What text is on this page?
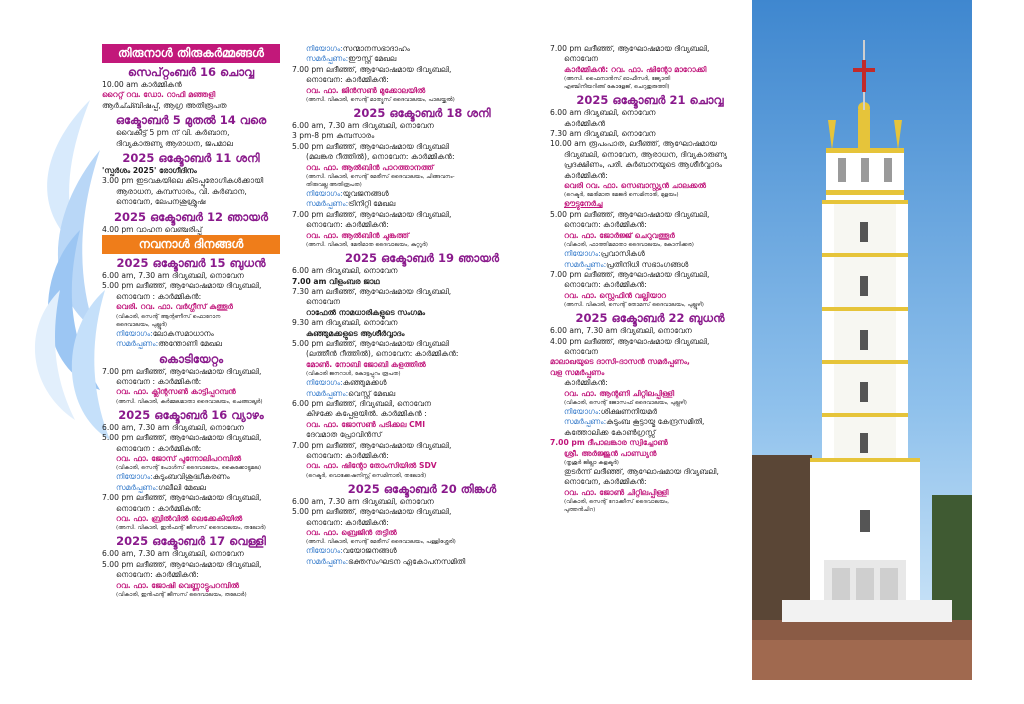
തിരുനാൾ തിരുകർമ്മങ്ങൾ
സെപ്റ്റംബർ 16 ചൊവ്വ
10.00 am കാർമ്മികൻ
റൈറ്റ് റവ. ഡോ. റാഫി മഞ്ഞളി
ആർച്ച്ബിഷപ്പ്, ആഗ്ര അതിരൂപത
ഒക്ടോബർ 5 മുതൽ 14 വരെ
വൈകീട്ട് 5 pm ന് വി. കുർബാന,
ദിവ്യകാരുണ്യ ആരാധന, ജപമാല
2025 ഒക്ടോബർ 11 ശനി
'സ്പർശം 2025' രോഗീദിനം
3.00 pm ഇടവകയിലെ കിടപ്പുരോഗികൾക്കായി
ആരാധന, കുമ്പസാരം, വി. കുർബാന,
നൊവേന, ലേപനശുശ്രൂഷ
2025 ഒക്ടോബർ 12 ഞായർ
4.00 pm വാഹന വെഞ്ചരിപ്പ്
നവനാൾ ദിനങ്ങൾ
2025 ഒക്ടോബർ 15 ബുധൻ
6.00 am, 7.30 am ദിവ്യബലി, നൊവേന
5.00 pm ലദീഞ്ഞ്, ആഘോഷമായ ദിവ്യബലി,
നൊവേന : കാർമ്മികൻ:
വെരി. റവ. ഫാ. വർഗ്ഗീസ് കുത്തൂർ
(വികാരി, സെന്റ് ആന്റണീസ് ഫൊറോന
ദൈവാലയം, പുല്ലൂർ)
നിയോഗം : ലോകസമാധാനം
സമർപ്പണം : അന്തോണി മേഖല
കൊടിയേറ്റം
7.00 pm ലദീഞ്ഞ്, ആഘോഷമായ ദിവ്യബലി,
നൊവേന : കാർമ്മികൻ:
റവ. ഫാ. ക്ലിന്റസൺ കാട്ടിപ്പറമ്പൻ
(അസി. വികാരി, കർമ്മലമാതാ ദൈവാലയം, ചെങ്ങാലൂർ)
2025 ഒക്ടോബർ 16 വ്യാഴം
6.00 am, 7.30 am ദിവ്യബലി, നൊവേന
5.00 pm ലദീഞ്ഞ്, ആഘോഷമായ ദിവ്യബലി,
നൊവേന : കാർമ്മികൻ:
റവ. ഫാ. ജോസ് പുന്നോലിപറമ്പിൽ
(വികാരി, സെന്റ് പോൾസ് ദൈവാലയം, കൈക്കോട്ടുമല)
നിയോഗം : കുടുംബവിശുദ്ധീകരണം
സമർപ്പണം : ഗലീലി മേഖല
7.00 pm ലദീഞ്ഞ്, ആഘോഷമായ ദിവ്യബലി,
നൊവേന : കാർമ്മികൻ:
റവ. ഫാ. ബ്രിൽവിൽ ലെക്കേകിയിൽ
(അസി. വികാരി, ഇൻഫന്റ് ജീസസ് ദൈവാലയം, തലോർ)
2025 ഒക്ടോബർ 17 വെള്ളി
6.00 am, 7.30 am ദിവ്യബലി, നൊവേന
5.00 pm ലദീഞ്ഞ്, ആഘോഷമായ ദിവ്യബലി,
നൊവേന: കാർമ്മികൻ:
റവ. ഫാ. ജോഷി വെണ്ണാട്ടുപറമ്പിൽ
(വികാരി, ഇൻഫന്റ് ജീസസ് ദൈവാലയം, തലോർ)
നിയോഗം : സന്മാനസഭാദാഹം
സമർപ്പണം : ഈസ്റ്റ് മേഖല
7.00 pm ലദീഞ്ഞ്, ആഘോഷമായ ദിവ്യബലി,
നൊവേന: കാർമ്മികൻ:
റവ. ഫാ. ജിൻസൺ മുക്കോലയിൽ
(അസി. വികാരി, സെന്റ് മാത്യൂസ് ദൈവാലയം, പാലയ്ക്കൽ)
2025 ഒക്ടോബർ 18 ശനി
6.00 am, 7.30 am ദിവ്യബലി, നൊവേന
3 pm-8 pm കുമ്പസാരം
5.00 pm ലദീഞ്ഞ്, ആഘോഷമായ ദിവ്യബലി
(മലങ്കര റീത്തിൽ), നൊവേന: കാർമ്മികൻ:
റവ. ഫാ. ആൽബിൻ പാറത്താനത്ത്
(അസി. വികാരി, സെന്റ് മേരീസ് ദൈവാലയം, ചിങ്ങവനം-
തിരുവല്ല അതിരൂപത)
നിയോഗം : യുവജനങ്ങൾ
സമർപ്പണം : ട്രിനിറ്റി മേഖല
7.00 pm ലദീഞ്ഞ്, ആഘോഷമായ ദിവ്യബലി,
നൊവേന: കാർമ്മികൻ:
റവ. ഫാ. ആൽബിൻ ചുങ്കത്ത്
(അസി. വികാരി, മേരിമാത ദൈവാലയം, കുറ്റൂർ)
2025 ഒക്ടോബർ 19 ഞായർ
6.00 am ദിവ്യബലി, നൊവേന
7.00 am വിളംബര ജാഥ
7.30 am ലദീഞ്ഞ്, ആഘോഷമായ ദിവ്യബലി,
നൊവേന
റാഫേൽ നാമധാരികളുടെ സംഗമം
9.30 am ദിവ്യബലി, നൊവേന
കുഞ്ഞുമക്കളുടെ ആശീർവ്വാദം
5.00 pm ലദീഞ്ഞ്, ആഘോഷമായ ദിവ്യബലി
(ലത്തീൻ റീത്തിൽ), നൊവേന: കാർമ്മികൻ:
മോൺ. നോബി ജോബി കളത്തിൽ
(വികാരി ജനറാൾ, കോട്ടപ്പുറം രൂപത)
നിയോഗം : കുഞ്ഞുമക്കൾ
സമർപ്പണം : വെസ്റ്റ് മേഖല
6.00 pm ലദീഞ്ഞ്, ദിവ്യബലി, നൊവേന
കിഴക്കേ കപ്പേളയിൽ. കാർമ്മികൻ :
റവ. ഫാ. ജോസൺ പടിക്കല CMI
ദേവമാത പ്രോവിൻസ്
7.00 pm ലദീഞ്ഞ്, ആഘോഷമായ ദിവ്യബലി,
നൊവേന: കാർമ്മികൻ:
റവ. ഫാ. ഷിന്റോ തോംസിയിൽ SDV
(റെക്ടർ, വൊക്കേഷനിസ്റ്റ് സെമിനാരി, തലോർ)
2025 ഒക്ടോബർ 20 തിങ്കൾ
6.00 am, 7.30 am ദിവ്യബലി, നൊവേന
5.00 pm ലദീഞ്ഞ്, ആഘോഷമായ ദിവ്യബലി,
നൊവേന: കാർമ്മികൻ:
റവ. ഫാ. ബ്രെജിൻ തട്ടിൽ
(അസി. വികാരി, സെന്റ് മേരീസ് ദൈവാലയം, പള്ളിശ്ശേരി)
നിയോഗം : വയോജനങ്ങൾ
സമർപ്പണം : ഭക്തസംഘടന ഏകോപനസമിതി
7.00 pm ലദീഞ്ഞ്, ആഘോഷമായ ദിവ്യബലി,
നൊവേന
കാർമ്മികൻ: റവ. ഫാ. ഷിന്റോ മാറോക്കി
(അസി. ഫൈനാൻസ് ഓഫീസർ, ജ്യോതി
എഞ്ചിനീയറിങ്ങ് കോളേജ്, ചെറുതുരുത്തി)
2025 ഒക്ടോബർ 21 ചൊവ്വ
6.00 am ദിവ്യബലി, നൊവേന
കാർമ്മികൻ
7.30 am ദിവ്യബലി, നൊവേന
10.00 am രൂപംപാത, ലദീഞ്ഞ്, ആഘോഷമായ
ദിവ്യബലി, നൊവേന, ആരാധന, ദിവ്യകാരുണ്യ
പ്രദക്ഷിണം, പരി. കുർബാനയുടെ ആശീർവ്വാദം
കാർമ്മികൻ:
വെരി റവ. ഫാ. സെബാസ്റ്റ്യൻ ചാലക്കൽ
(റെക്ടർ, മേരിമാത മേജർ സെമിനാരി, മുളയം)
ഊട്ടുനേർച്ച
5.00 pm ലദീഞ്ഞ്, ആഘോഷമായ ദിവ്യബലി,
നൊവേന: കാർമ്മികൻ:
റവ. ഫാ. ജോർജ്ജ് ചെറുവത്തൂർ
(വികാരി, ഫാത്തിമമാതാ ദൈവാലയം, കോനിക്കര)
നിയോഗം : പ്രവാസികൾ
സമർപ്പണം : പ്രതിനിധി സഭാംഗങ്ങൾ
7.00 pm ലദീഞ്ഞ്, ആഘോഷമായ ദിവ്യബലി,
നൊവേന: കാർമ്മികൻ:
റവ. ഫാ. സ്റ്റെഫിൻ വല്ലിയാറ
(അസി. വികാരി, സെന്റ് തോമസ് ദൈവാലയം, പുല്ലൂഴി)
2025 ഒക്ടോബർ 22 ബുധൻ
6.00 am, 7.30 am ദിവ്യബലി, നൊവേന
4.00 pm ലദീഞ്ഞ്, ആഘോഷമായ ദിവ്യബലി,
നൊവേന
മാലാഖയുടെ ദാസി-ദാസൻ സമർപ്പണം,
വള സമർപ്പണം
കാർമ്മികൻ:
റവ. ഫാ. ആന്റണി ചിറ്റിലപ്പിള്ളി
(വികാരി, സെന്റ് ജോസഫ് ദൈവാലയം, പുല്ലഴി)
നിയോഗം : ശിക്ഷണനിയമർ
സമർപ്പണം : കുടുംബ കൂട്ടായ്മ കേന്ദ്രസമിതി,
കത്തോലിക്ക കോൺഗ്രസ്സ്
7.00 pm ദീപാലങ്കാര സ്വിച്ചോൺ
ശ്രീ. അർജ്ജുൻ പാണ്ഡ്യൻ
(തൃശൂർ ജില്ലാ കളക്ടർ)
തുടർന്ന് ലദീഞ്ഞ്, ആഘോഷമായ ദിവ്യബലി,
നൊവേന, കാർമ്മികൻ:
റവ. ഫാ. ജോൺ ചിറ്റിലപ്പിള്ളി
(വികാരി, സെന്റ് റോക്കീസ് ദൈവാലയം,
പുത്തൻചിറ)
